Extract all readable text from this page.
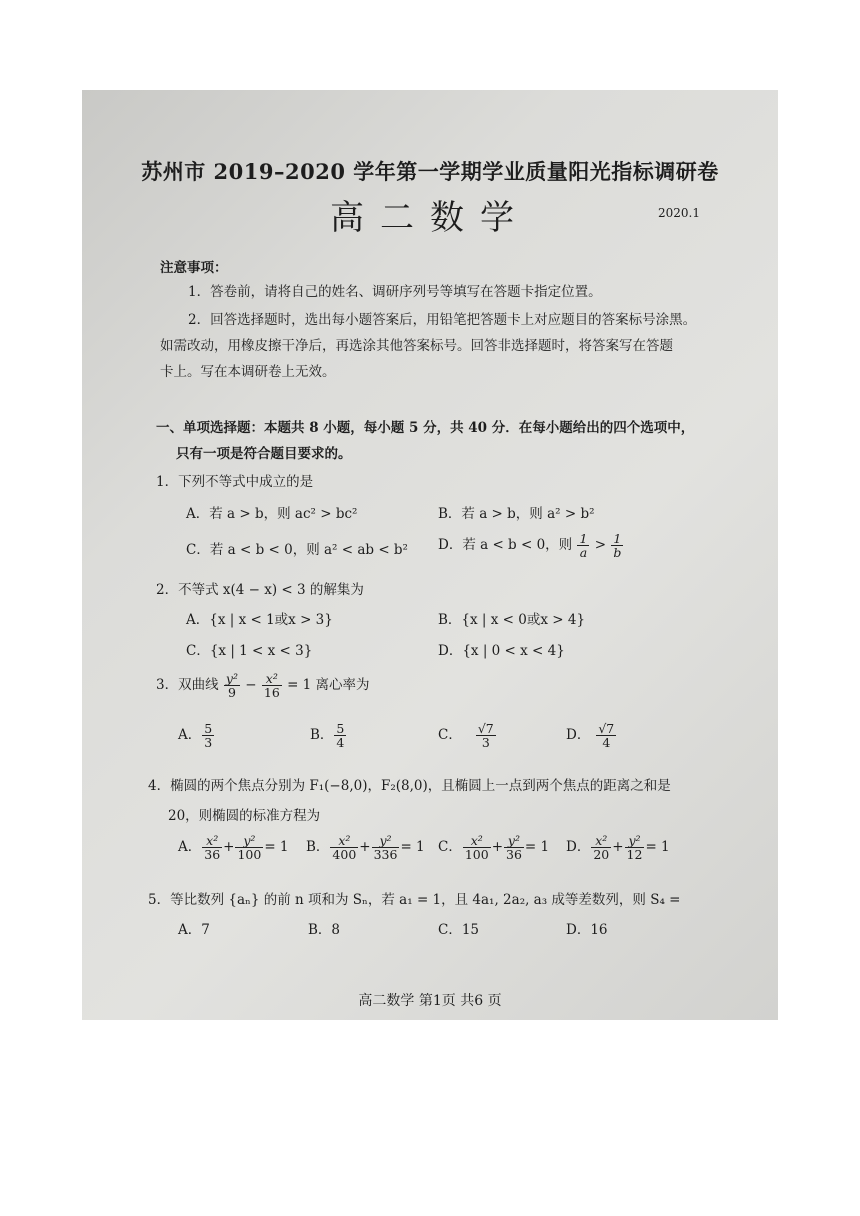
苏州市 2019–2020 学年第一学期学业质量阳光指标调研卷
高二数学	2020.1
注意事项：
1．答卷前，请将自己的姓名、调研序列号等填写在答题卡指定位置。
2．回答选择题时，选出每小题答案后，用铅笔把答题卡上对应题目的答案标号涂黑。
如需改动，用橡皮擦干净后，再选涂其他答案标号。回答非选择题时，将答案写在答题
卡上。写在本调研卷上无效。
一、单项选择题：本题共 8 小题，每小题 5 分，共 40 分．在每小题给出的四个选项中，
只有一项是符合题目要求的。
1．下列不等式中成立的是
A．若 a > b，则 ac² > bc²	B．若 a > b，则 a² > b²
C．若 a < b < 0，则 a² < ab < b² D．若 a < b < 0，则 $\frac{1}{a} > \frac{1}{b}$
2．不等式 x(4 − x) < 3 的解集为
A．{x | x < 1或x > 3}	B．{x | x < 0或x > 4}
C．{x | 1 < x < 3}	D．{x | 0 < x < 4}
3．双曲线 $\frac{\text{y²}}{9} - \frac{\text{x²}}{16} = 1$ 离心率为
A． $\frac{5}{3}$	B． $\frac{5}{4}$	C． $\frac{√7}{3}$	D． $\frac{√7}{4}$
4．椭圆的两个焦点分别为 F₁(−8,0)，F₂(8,0)，且椭圆上一点到两个焦点的距离之和是
20，则椭圆的标准方程为
A． $\frac{\text{x²}}{36} + \frac{\text{y²}}{100} = 1$ B． $\frac{\text{x²}}{400} + \frac{\text{y²}}{336} = 1$ C． $\frac{\text{x²}}{100} + \frac{\text{y²}}{36} = 1$ D． $\frac{\text{x²}}{20} + \frac{\text{y²}}{12} = 1$
5．等比数列 {aₙ} 的前 n 项和为 Sₙ，若 a₁ = 1，且 4a₁, 2a₂, a₃ 成等差数列，则 S₄ =
A．7	B．8	C．15	D．16
高二数学 第1页 共6 页
